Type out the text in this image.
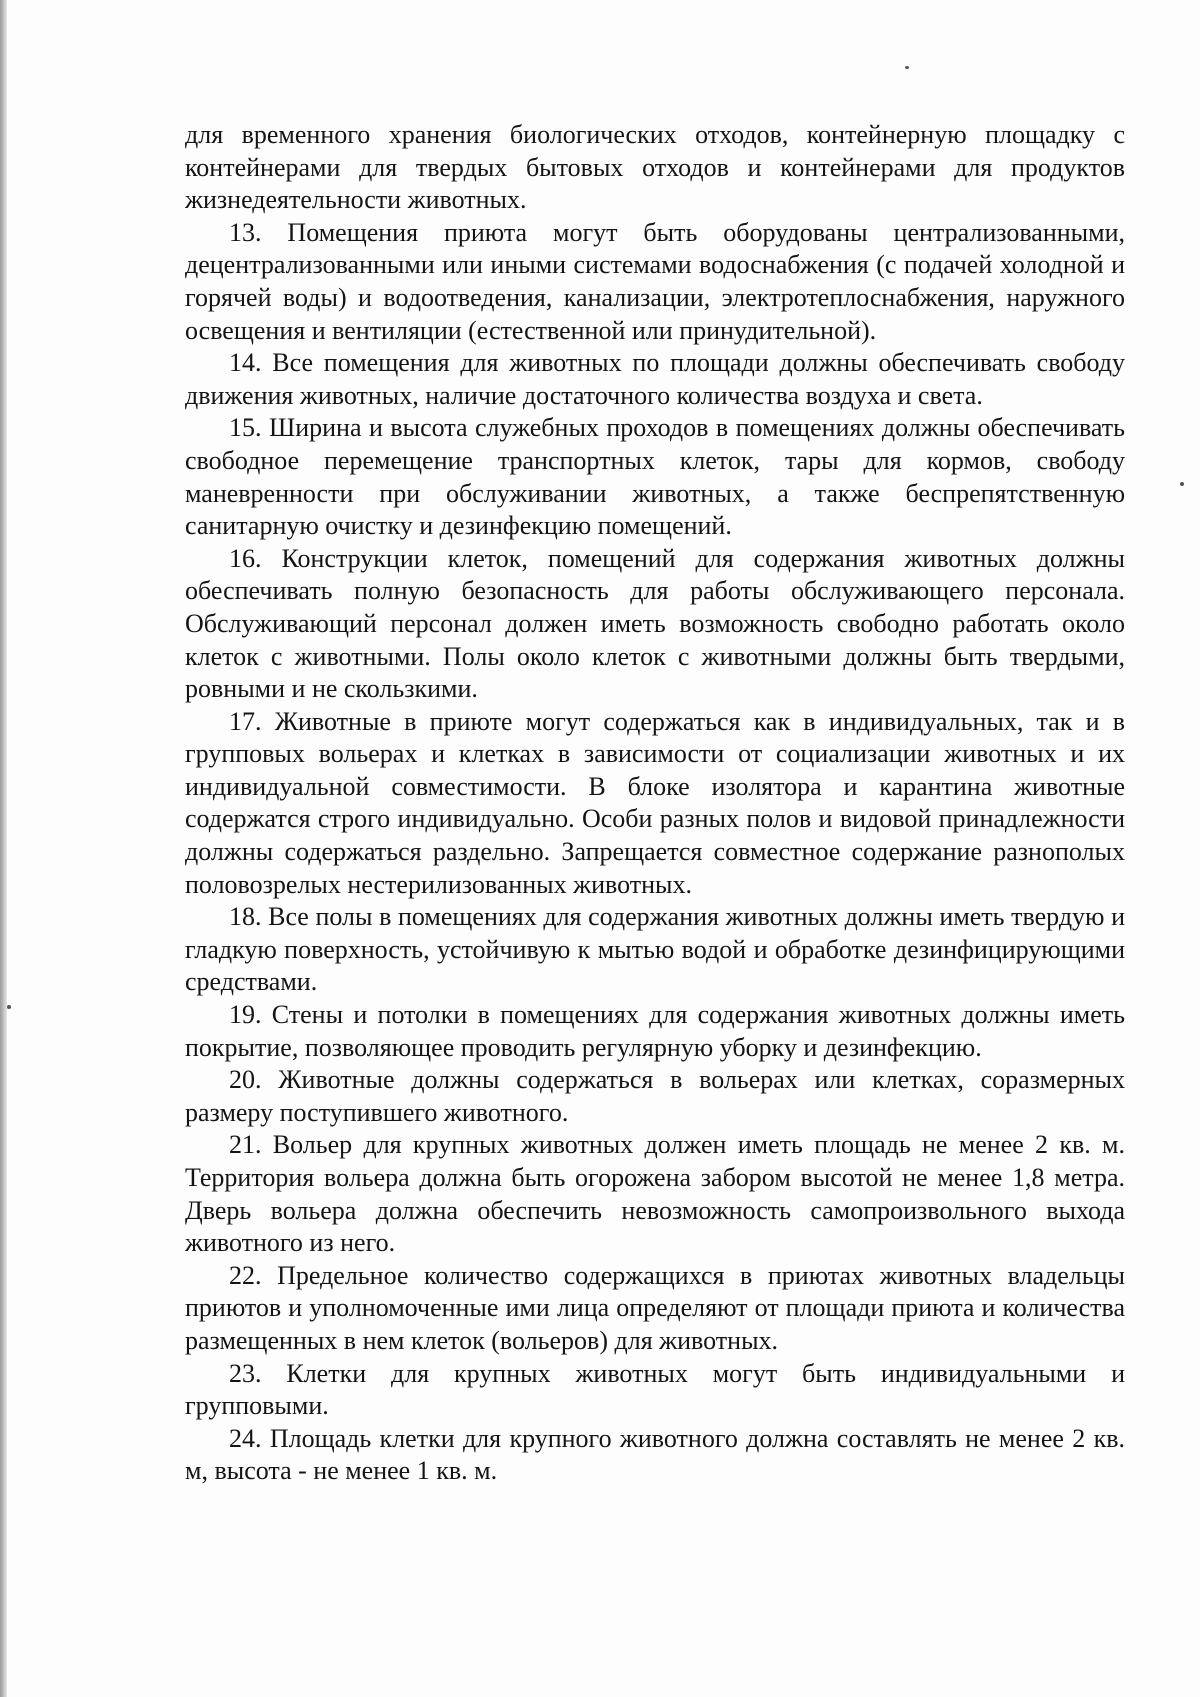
для временного хранения биологических отходов, контейнерную площадку с контейнерами для твердых бытовых отходов и контейнерами для продуктов жизнедеятельности животных.

13. Помещения приюта могут быть оборудованы централизованными, децентрализованными или иными системами водоснабжения (с подачей холодной и горячей воды) и водоотведения, канализации, электротеплоснабжения, наружного освещения и вентиляции (естественной или принудительной).

14. Все помещения для животных по площади должны обеспечивать свободу движения животных, наличие достаточного количества воздуха и света.

15. Ширина и высота служебных проходов в помещениях должны обеспечивать свободное перемещение транспортных клеток, тары для кормов, свободу маневренности при обслуживании животных, а также беспрепятственную санитарную очистку и дезинфекцию помещений.

16. Конструкции клеток, помещений для содержания животных должны обеспечивать полную безопасность для работы обслуживающего персонала. Обслуживающий персонал должен иметь возможность свободно работать около клеток с животными. Полы около клеток с животными должны быть твердыми, ровными и не скользкими.

17. Животные в приюте могут содержаться как в индивидуальных, так и в групповых вольерах и клетках в зависимости от социализации животных и их индивидуальной совместимости. В блоке изолятора и карантина животные содержатся строго индивидуально. Особи разных полов и видовой принадлежности должны содержаться раздельно. Запрещается совместное содержание разнополых половозрелых нестерилизованных животных.

18. Все полы в помещениях для содержания животных должны иметь твердую и гладкую поверхность, устойчивую к мытью водой и обработке дезинфицирующими средствами.

19. Стены и потолки в помещениях для содержания животных должны иметь покрытие, позволяющее проводить регулярную уборку и дезинфекцию.

20. Животные должны содержаться в вольерах или клетках, соразмерных размеру поступившего животного.

21. Вольер для крупных животных должен иметь площадь не менее 2 кв. м. Территория вольера должна быть огорожена забором высотой не менее 1,8 метра. Дверь вольера должна обеспечить невозможность самопроизвольного выхода животного из него.

22. Предельное количество содержащихся в приютах животных владельцы приютов и уполномоченные ими лица определяют от площади приюта и количества размещенных в нем клеток (вольеров) для животных.

23. Клетки для крупных животных могут быть индивидуальными и групповыми.

24. Площадь клетки для крупного животного должна составлять не менее 2 кв. м, высота - не менее 1 кв. м.
